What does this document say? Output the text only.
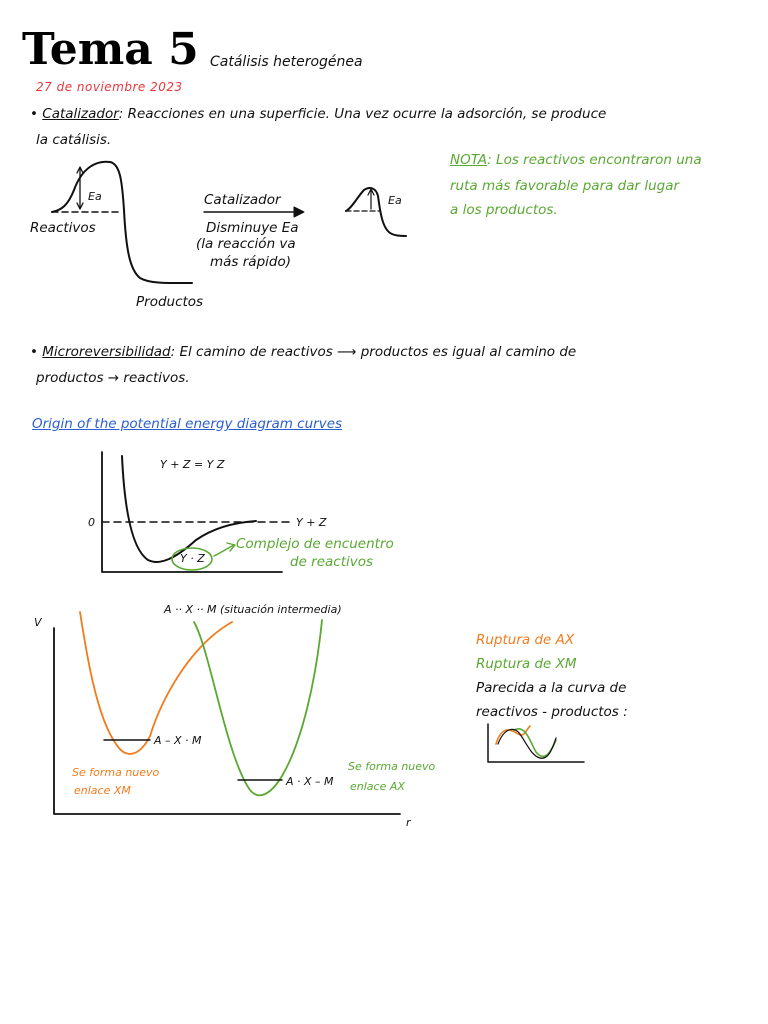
Tema 5 Catálisis heterogénea
27 de noviembre 2023
• Catalizador: Reacciones en una superficie. Una vez ocurre la adsorción, se produce
la catálisis.
NOTA: Los reactivos encontraron una
ruta más favorable para dar lugar
a los productos.
Ea
Reactivos
Productos
Catalizador
Disminuye Ea
(la reacción va
más rápido)
Ea
• Microreversibilidad: El camino de reactivos ⟶ productos es igual al camino de
productos → reactivos.
Origin of the potential energy diagram curves
Y + Z = Y Z
0	Y + Z
Y · Z
Complejo de encuentro
de reactivos
V
r
A ·· X ·· M (situación intermedia)
A – X · M
A · X – M
Se forma nuevo
enlace XM
Se forma nuevo
enlace AX
Ruptura de AX
Ruptura de XM
Parecida a la curva de
reactivos - productos :
